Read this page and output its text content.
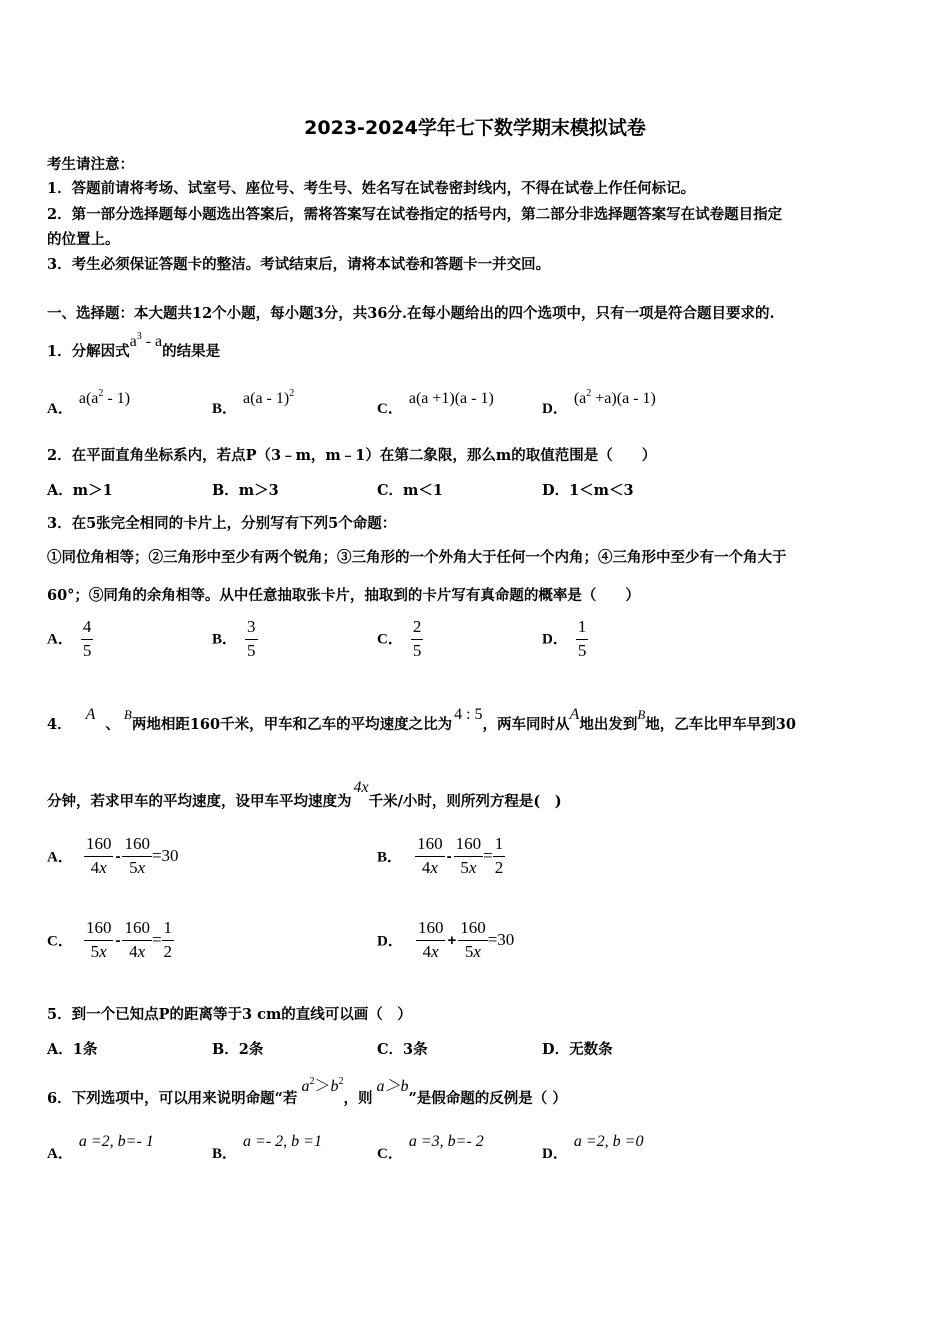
2023-2024学年七下数学期末模拟试卷
考生请注意：
1．答题前请将考场、试室号、座位号、考生号、姓名写在试卷密封线内，不得在试卷上作任何标记。
2．第一部分选择题每小题选出答案后，需将答案写在试卷指定的括号内，第二部分非选择题答案写在试卷题目指定
的位置上。
3．考生必须保证答题卡的整洁。考试结束后，请将本试卷和答题卡一并交回。
一、选择题：本大题共12个小题，每小题3分，共36分.在每小题给出的四个选项中，只有一项是符合题目要求的.
1．分解因式$a^3$ - a的结果是
A．$a(a^2 - 1)$
B．a(a - 1)$^2$
C．a(a +1)(a - 1)
D．$(a^2 +a)(a - 1)$
2．在平面直角坐标系内，若点P（3﹣m，m﹣1）在第二象限，那么m的取值范围是（　　）
A．m＞1	B．m＞3	C．m＜1	D．1＜m＜3
3．在5张完全相同的卡片上，分别写有下列5个命题：
①同位角相等；②三角形中至少有两个锐角；③三角形的一个外角大于任何一个内角；④三角形中至少有一个角大于
60°；⑤同角的余角相等。从中任意抽取张卡片，抽取到的卡片写有真命题的概率是（　　）
A． $\frac{4}{5}$	B． $\frac{3}{5}$	C． $\frac{2}{5}$	D． $\frac{1}{5}$
4．A、B两地相距160千米，甲车和乙车的平均速度之比为4 : 5，两车同时从A地出发到B地，乙车比甲车早到30
分钟，若求甲车的平均速度，设甲车平均速度为4x千米/小时，则所列方程是(　)
A． $\frac{160}{4x} - \frac{160}{5x} =30$	B． $\frac{160}{4x} - \frac{160}{5x} = \frac{1}{2}$
C． $\frac{160}{5x} - \frac{160}{4x} = \frac{1}{2}$	D． $\frac{160}{4x} + \frac{160}{5x} =30$
5．到一个已知点P的距离等于3 cm的直线可以画（　）
A．1条	B．2条	C．3条	D．无数条
6．下列选项中，可以用来说明命题“若$a^2>b^2$，则a＞b”是假命题的反例是（ ）
A．a =2, b=- 1
B．a =- 2, b =1
C．a =3, b=- 2
D．a =2, b =0
